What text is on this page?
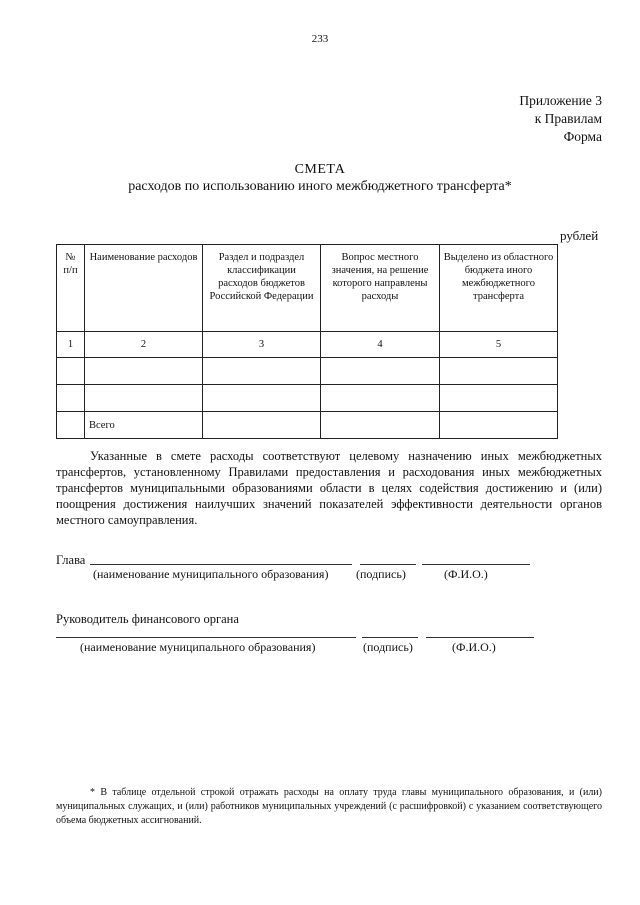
233
Приложение 3
к Правилам
Форма
СМЕТА
расходов по использованию иного межбюджетного трансферта*
рублей
№ п/п	Наименование расходов	Раздел и подраздел классификации расходов бюджетов Российской Федерации	Вопрос местного значения, на решение которого направлены расходы	Выделено из областного бюджета иного межбюджетного трансферта
1	2	3	4	5

	Всего			
Указанные в смете расходы соответствуют целевому назначению иных межбюджетных трансфертов, установленному Правилами предоставления и расходования иных межбюджетных трансфертов муниципальными образованиями области в целях содействия достижению и (или) поощрения достижения наилучших значений показателей эффективности деятельности органов местного самоуправления.
Глава
(наименование муниципального образования) (подпись)	(Ф.И.О.)
Руководитель финансового органа
(наименование муниципального образования)	(подпись)	(Ф.И.О.)
* В таблице отдельной строкой отражать расходы на оплату труда главы муниципального образования, и (или) муниципальных служащих, и (или) работников муниципальных учреждений (с расшифровкой) с указанием соответствующего объема бюджетных ассигнований.
